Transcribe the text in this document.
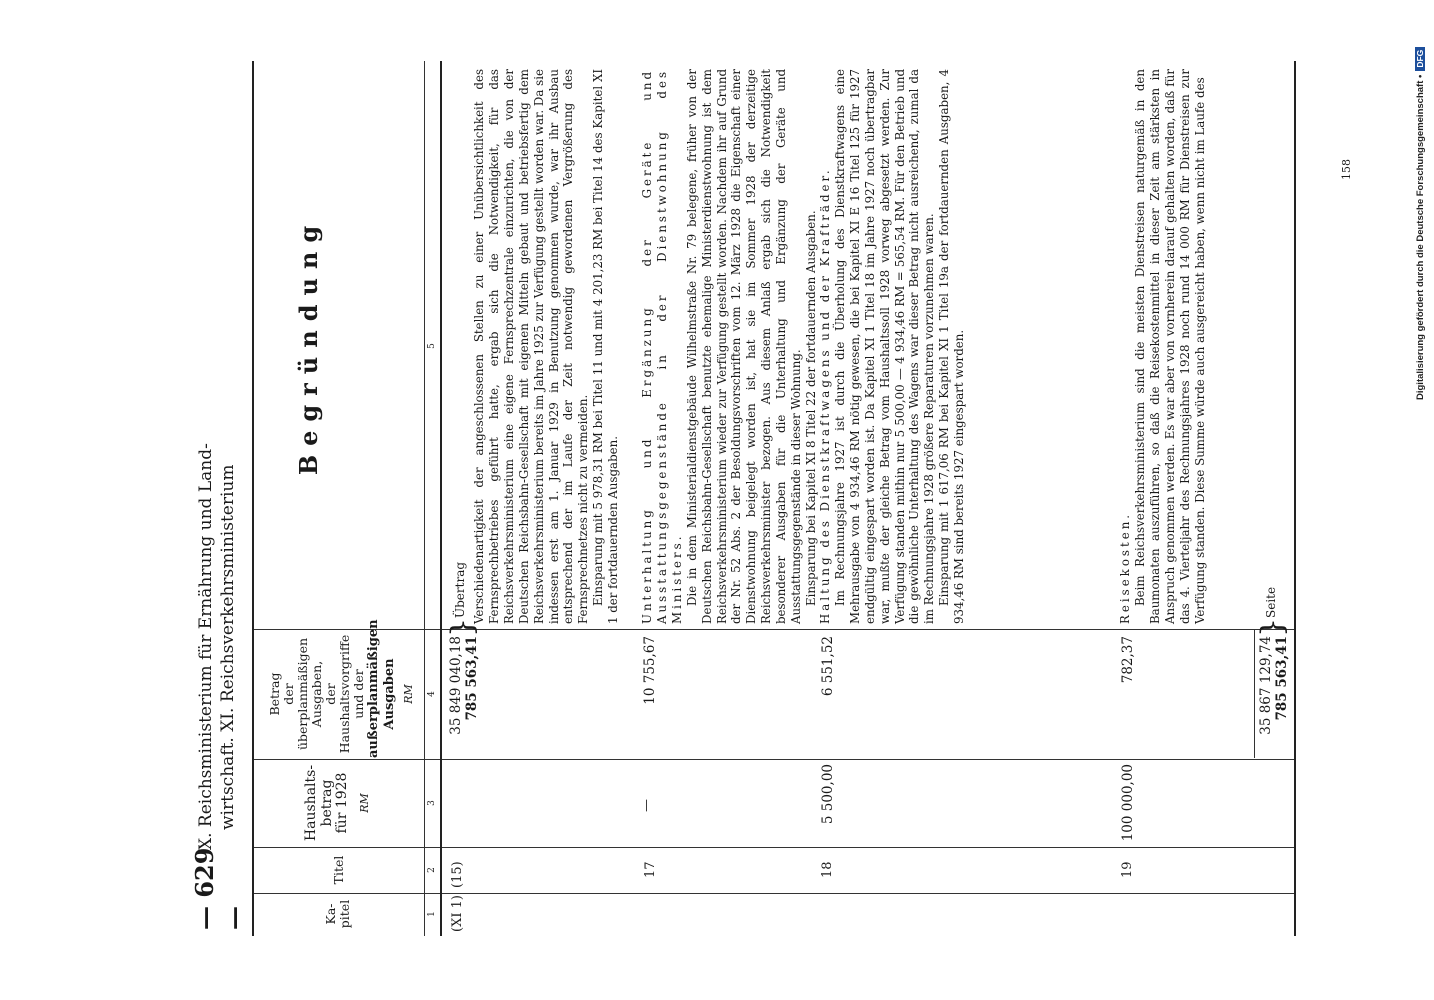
— 629 —
X. Reichsministerium für Ernährung und Land- wirtschaft. XI. Reichsverkehrsministerium
Ka-pitel
Titel
Haushalts- betrag für 1928 RM
Betrag der überplanmäßigen Ausgaben, der Haushaltsvorgriffe und der außerplanmäßigen Ausgaben RM
Begründung
1
2
3
4
5
(XI 1)
(15)
35 849 040,18 785 563,41
}
Übertrag Verschiedenartigkeit der angeschlossenen Stellen zu einer Unübersichtlichkeit des Fernsprechbetriebes geführt hatte, ergab sich die Notwendigkeit, für das Reichsverkehrsministerium eine eigene Fernsprechzentrale einzurichten, die von der Deutschen Reichsbahn-Gesellschaft mit eigenen Mitteln gebaut und betriebsfertig dem Reichsverkehrsministerium bereits im Jahre 1925 zur Verfügung gestellt worden war. Da sie indessen erst am 1. Januar 1929 in Benutzung genommen wurde, war ihr Ausbau entsprechend der im Laufe der Zeit notwendig gewordenen Vergrößerung des Fernsprechnetzes nicht zu vermeiden. Einsparung mit 5 978,31 RM bei Titel 11 und mit 4 201,23 RM bei Titel 14 des Kapitel XI 1 der fortdauernden Ausgaben.

17
—
10 755,67

Unterhaltung und Ergänzung der Geräte und Ausstattungsgegenstände in der Dienstwohnung des Ministers. Die in dem Ministerialdienstgebäude Wilhelmstraße Nr. 79 belegene, früher von der Deutschen Reichsbahn-Gesellschaft benutzte ehemalige Ministerdienstwohnung ist dem Reichsverkehrsministerium wieder zur Verfügung gestellt worden. Nachdem ihr auf Grund der Nr. 52 Abs. 2 der Besoldungsvorschriften vom 12. März 1928 die Eigenschaft einer Dienstwohnung beigelegt worden ist, hat sie im Sommer 1928 der derzeitige Reichsverkehrsminister bezogen. Aus diesem Anlaß ergab sich die Notwendigkeit besonderer Ausgaben für die Unterhaltung und Ergänzung der Geräte und Ausstattungsgegenstände in dieser Wohnung. Einsparung bei Kapitel XI 8 Titel 22 der fortdauernden Ausgaben.

18
5 500,00
6 551,52

Haltung des Dienstkraftwagens und der Krafträder. Im Rechnungsjahre 1927 ist durch die Überholung des Dienstkraftwagens eine Mehrausgabe von 4 934,46 RM nötig gewesen, die bei Kapitel XI E 16 Titel 125 für 1927 endgültig eingespart worden ist. Da Kapitel XI 1 Titel 18 im Jahre 1927 noch übertragbar war, mußte der gleiche Betrag vom Haushaltssoll 1928 vorweg abgesetzt werden. Zur Verfügung standen mithin nur 5 500,00 — 4 934,46 RM = 565,54 RM. Für den Betrieb und die gewöhnliche Unterhaltung des Wagens war dieser Betrag nicht ausreichend, zumal da im Rechnungsjahre 1928 größere Reparaturen vorzunehmen waren. Einsparung mit 1 617,06 RM bei Kapitel XI 1 Titel 19a der fortdauernden Ausgaben, 4 934,46 RM sind bereits 1927 eingespart worden.

19
100 000,00
782,37

Reisekosten. Beim Reichsverkehrsministerium sind die meisten Dienstreisen naturgemäß in den Baumonaten auszuführen, so daß die Reisekostenmittel in dieser Zeit am stärksten in Anspruch genommen werden. Es war aber von vornherein darauf gehalten worden, daß für das 4. Vierteljahr des Rechnungsjahres 1928 noch rund 14 000 RM für Dienstreisen zur Verfügung standen. Diese Summe würde auch ausgereicht haben, wenn nicht im Laufe des

35 867 129,74 785 563,41
}
Seite
158	Digitalisierung gefördert durch die Deutsche Forschungsgemeinschaft •DFG
